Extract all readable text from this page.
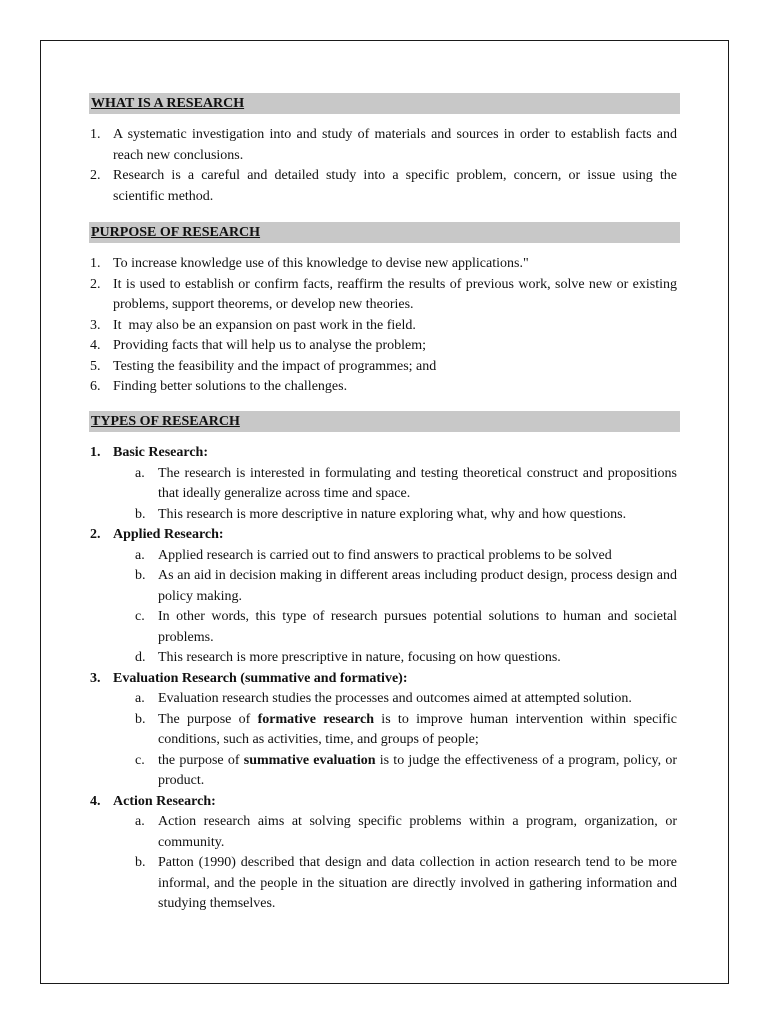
WHAT IS A RESEARCH
1. A systematic investigation into and study of materials and sources in order to establish facts and reach new conclusions.
2. Research is a careful and detailed study into a specific problem, concern, or issue using the scientific method.
PURPOSE OF RESEARCH
1. To increase knowledge use of this knowledge to devise new applications."
2. It is used to establish or confirm facts, reaffirm the results of previous work, solve new or existing problems, support theorems, or develop new theories.
3. It  may also be an expansion on past work in the field.
4. Providing facts that will help us to analyse the problem;
5. Testing the feasibility and the impact of programmes; and
6. Finding better solutions to the challenges.
TYPES OF RESEARCH
1. Basic Research:
a. The research is interested in formulating and testing theoretical construct and propositions that ideally generalize across time and space.
b. This research is more descriptive in nature exploring what, why and how questions.
2. Applied Research:
a. Applied research is carried out to find answers to practical problems to be solved
b. As an aid in decision making in different areas including product design, process design and policy making.
c. In other words, this type of research pursues potential solutions to human and societal problems.
d. This research is more prescriptive in nature, focusing on how questions.
3. Evaluation Research (summative and formative):
a. Evaluation research studies the processes and outcomes aimed at attempted solution.
b. The purpose of formative research is to improve human intervention within specific conditions, such as activities, time, and groups of people;
c. the purpose of summative evaluation is to judge the effectiveness of a program, policy, or product.
4. Action Research:
a. Action research aims at solving specific problems within a program, organization, or community.
b. Patton (1990) described that design and data collection in action research tend to be more informal, and the people in the situation are directly involved in gathering information and studying themselves.
